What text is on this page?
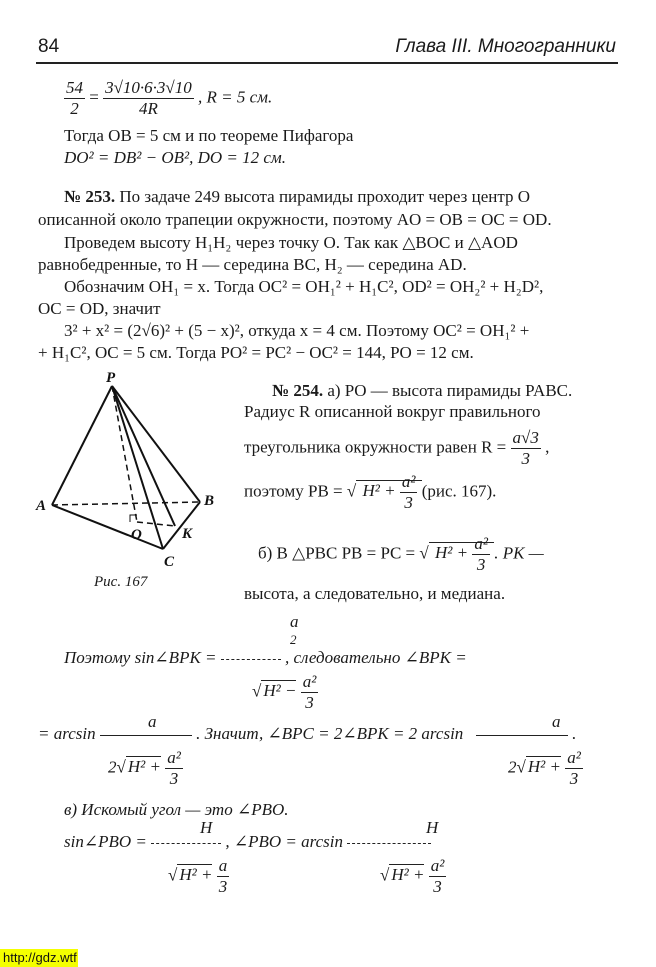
84	Глава III. Многогранники
$\frac{54}{2} = \frac{3√10\cdot 6\cdot 3√10}{4R}$ , R = 5 см.
Тогда OB = 5 см и по теореме Пифагора
DO² = DB² − OB², DO = 12 см.
№ 253. По задаче 249 высота пирамиды проходит через центр O
описанной около трапеции окружности, поэтому AO = OB = OC = OD.
Проведем высоту H₁H₂ через точку O. Так как △BOC и △AOD
равнобедренные, то H — середина BC, H₂ — середина AD.
Обозначим OH₁ = x. Тогда OC² = OH₁² + H₁C², OD² = OH₂² + H₂D²,
OC = OD, значит
3² + x² = (2√6)² + (5 − x)², откуда x = 4 см. Поэтому OC² = OH₁² +
+ H₁C², OC = 5 см. Тогда PO² = PC² − OC² = 144, PO = 12 см.
P
A	B
C
O	K
Рис. 167
№ 254. а) PO — высота пирамиды PABC.
Радиус R описанной вокруг правильного
треугольника окружности равен $R = \frac{a√3}{3}$ ,
поэтому PB = √ $H^2 + \frac{\text{a²}}{3} (рис$. 167).
б) В △PBC PB = PC = √ $H^2 + \frac{\text{a²}}{3}$ . PK —
высота, а следовательно, и медиана.
a
2
Поэтому sin∠BPK =	, следовательно ∠BPK =
√ $H^2 - \frac{\text{a²}}{3}$
a	a
= arcsin	. Значит, ∠BPC = 2∠BPK = 2 arcsin	.
2√ $H^2 + \frac{\text{a²}}{3}$	2√ $H^2 + \frac{\text{a²}}{3}$
в) Искомый угол — это ∠PBO.
H	H
sin∠PBO =	, ∠PBO = arcsin
√ $H^2 + \frac{a}{3}$	√ $H^2 + \frac{\text{a²}}{3}$
http://gdz.wtf
